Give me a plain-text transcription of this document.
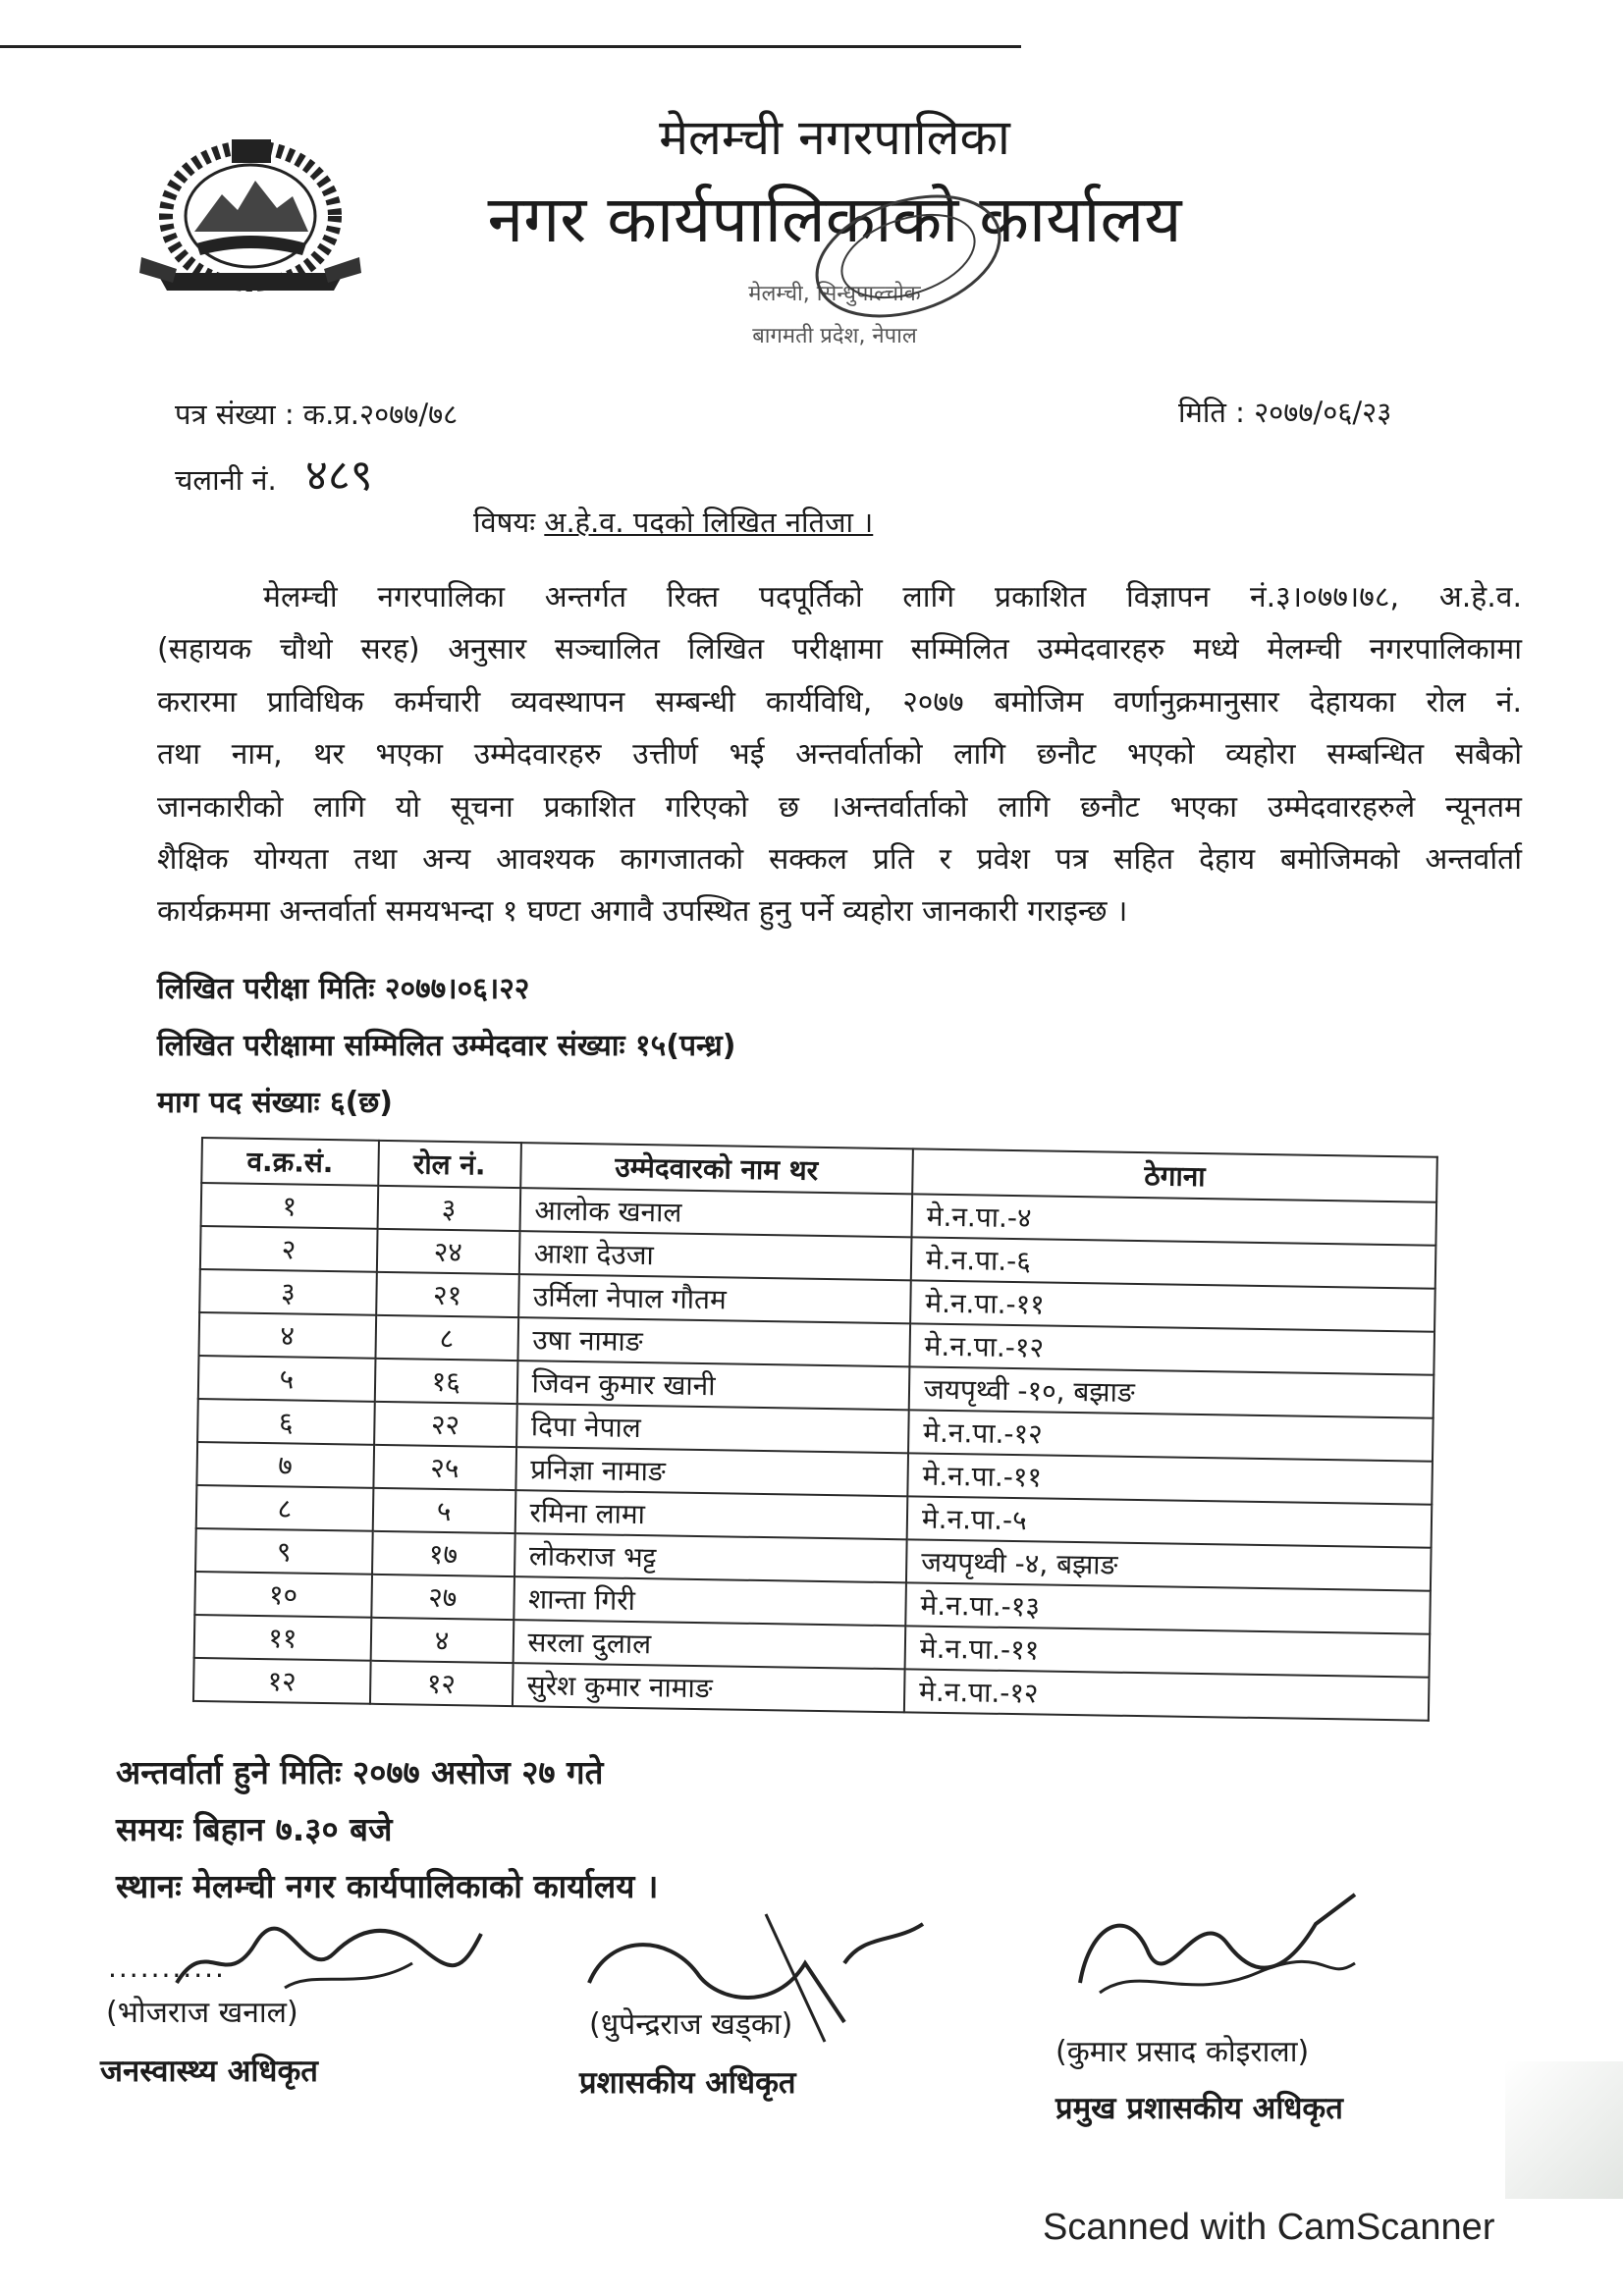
मेलम्ची नगरपालिका
नगर कार्यपालिकाको कार्यालय
मेलम्ची, सिन्धुपाल्चोक
बागमती प्रदेश, नेपाल
पत्र संख्या : क.प्र.२०७७/७८	मिति : २०७७/०६/२३
चलानी नं. ४८९
विषयः अ.हे.व. पदको लिखित नतिजा ।
मेलम्ची नगरपालिका अन्तर्गत रिक्त पदपूर्तिको लागि प्रकाशित विज्ञापन नं.३।०७७।७८, अ.हे.व.
(सहायक चौथो सरह) अनुसार सञ्चालित लिखित परीक्षामा सम्मिलित उम्मेदवारहरु मध्ये मेलम्ची नगरपालिकामा
करारमा प्राविधिक कर्मचारी व्यवस्थापन सम्बन्धी कार्यविधि, २०७७ बमोजिम वर्णानुक्रमानुसार देहायका रोल नं.
तथा नाम, थर भएका उम्मेदवारहरु उत्तीर्ण भई अन्तर्वार्ताको लागि छनौट भएको व्यहोरा सम्बन्धित सबैको
जानकारीको लागि यो सूचना प्रकाशित गरिएको छ ।अन्तर्वार्ताको लागि छनौट भएका उम्मेदवारहरुले न्यूनतम
शैक्षिक योग्यता तथा अन्य आवश्यक कागजातको सक्कल प्रति र प्रवेश पत्र सहित देहाय बमोजिमको अन्तर्वार्ता
कार्यक्रममा अन्तर्वार्ता समयभन्दा १ घण्टा अगावै उपस्थित हुनु पर्ने व्यहोरा जानकारी गराइन्छ ।
लिखित परीक्षा मितिः २०७७।०६।२२
लिखित परीक्षामा सम्मिलित उम्मेदवार संख्याः १५(पन्ध्र)
माग पद संख्याः ६(छ)
व.क्र.सं.	रोल नं.	उम्मेदवारको नाम थर	ठेगाना
१	३	आलोक खनाल	मे.न.पा.-४
२	२४	आशा देउजा	मे.न.पा.-६
३	२१	उर्मिला नेपाल गौतम	मे.न.पा.-११
४	८	उषा नामाङ	मे.न.पा.-१२
५	१६	जिवन कुमार खानी	जयपृथ्वी -१०, बझाङ
६	२२	दिपा नेपाल	मे.न.पा.-१२
७	२५	प्रनिज्ञा नामाङ	मे.न.पा.-११
८	५	रमिना लामा	मे.न.पा.-५
९	१७	लोकराज भट्ट	जयपृथ्वी -४, बझाङ
१०	२७	शान्ता गिरी	मे.न.पा.-१३
११	४	सरला दुलाल	मे.न.पा.-११
१२	१२	सुरेश कुमार नामाङ	मे.न.पा.-१२
अन्तर्वार्ता हुने मितिः २०७७ असोज २७ गते
समयः बिहान ७.३० बजे
स्थानः मेलम्ची नगर कार्यपालिकाको कार्यालय ।
...........
(भोजराज खनाल)
जनस्वास्थ्य अधिकृत
(धुपेन्द्रराज खड्का)
प्रशासकीय अधिकृत
(कुमार प्रसाद कोइराला)
प्रमुख प्रशासकीय अधिकृत
Scanned with CamScanner
